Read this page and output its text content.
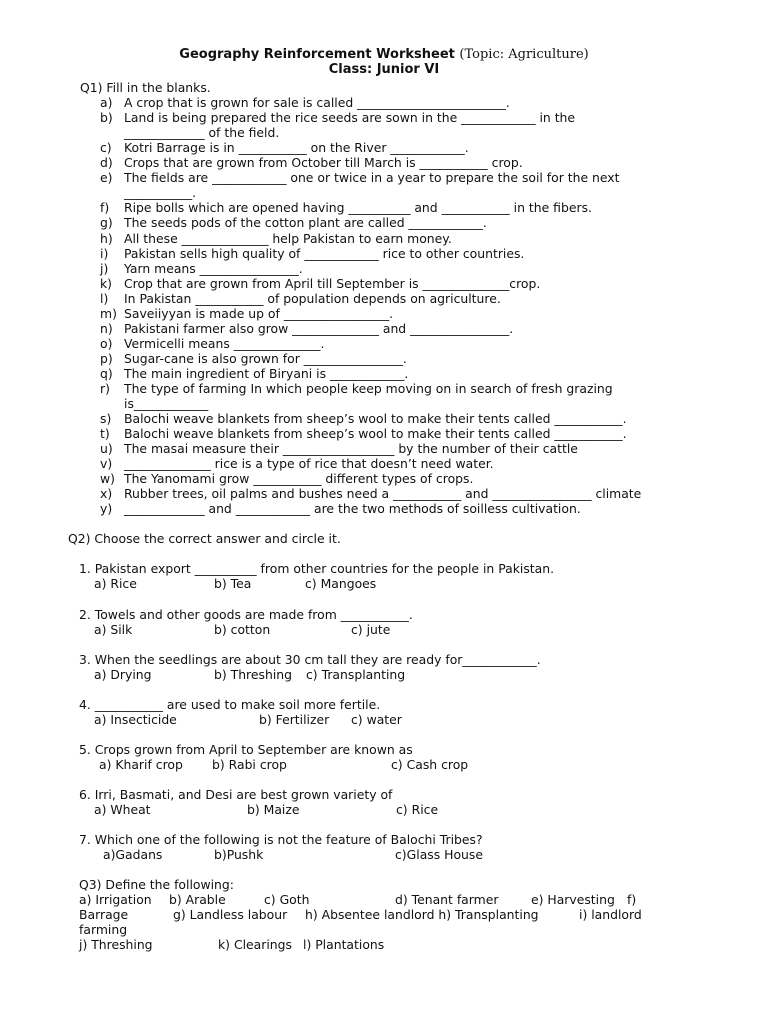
Geography Reinforcement Worksheet (Topic: Agriculture)
Class: Junior VI
Q1) Fill in the blanks.
a) A crop that is grown for sale is called ________________________.
b) Land is being prepared the rice seeds are sown in the ____________ in the
_____________ of the field.
c) Kotri Barrage is in ___________ on the River ____________.
d) Crops that are grown from October till March is ___________ crop.
e) The fields are ____________ one or twice in a year to prepare the soil for the next
___________.
f) Ripe bolls which are opened having __________ and ___________ in the fibers.
g) The seeds pods of the cotton plant are called ____________.
h) All these ______________ help Pakistan to earn money.
i) Pakistan sells high quality of ____________ rice to other countries.
j) Yarn means ________________.
k) Crop that are grown from April till September is ______________crop.
l) In Pakistan ___________ of population depends on agriculture.
m) Saveiiyyan is made up of _________________.
n) Pakistani farmer also grow ______________ and ________________.
o) Vermicelli means ______________.
p) Sugar-cane is also grown for ________________.
q) The main ingredient of Biryani is ____________.
r) The type of farming In which people keep moving on in search of fresh grazing
is____________
s) Balochi weave blankets from sheep’s wool to make their tents called ___________.
t) Balochi weave blankets from sheep’s wool to make their tents called ___________.
u) The masai measure their __________________ by the number of their cattle
v) ______________ rice is a type of rice that doesn’t need water.
w) The Yanomami grow ___________ different types of crops.
x) Rubber trees, oil palms and bushes need a ___________ and ________________ climate
y) _____________ and ____________ are the two methods of soilless cultivation.
Q2) Choose the correct answer and circle it.
1. Pakistan export __________ from other countries for the people in Pakistan.
a) Rice	b) Tea	c) Mangoes
2. Towels and other goods are made from ___________.
a) Silk	b) cotton	c) jute
3. When the seedlings are about 30 cm tall they are ready for____________.
a) Drying	b) Threshing c) Transplanting
4. ___________ are used to make soil more fertile.
a) Insecticide	b) Fertilizer c) water
5. Crops grown from April to September are known as
a) Kharif crop b) Rabi crop	c) Cash crop
6. Irri, Basmati, and Desi are best grown variety of
a) Wheat	b) Maize	c) Rice
7. Which one of the following is not the feature of Balochi Tribes?
a)Gadans	b)Pushk	c)Glass House
Q3) Define the following:
a) Irrigation b) Arable	c) Goth	d) Tenant farmer	e) Harvesting f)
Barrage	g) Landless labour h) Absentee landlord h) Transplanting	i) landlord
farming
j) Threshing	k) Clearings l) Plantations
